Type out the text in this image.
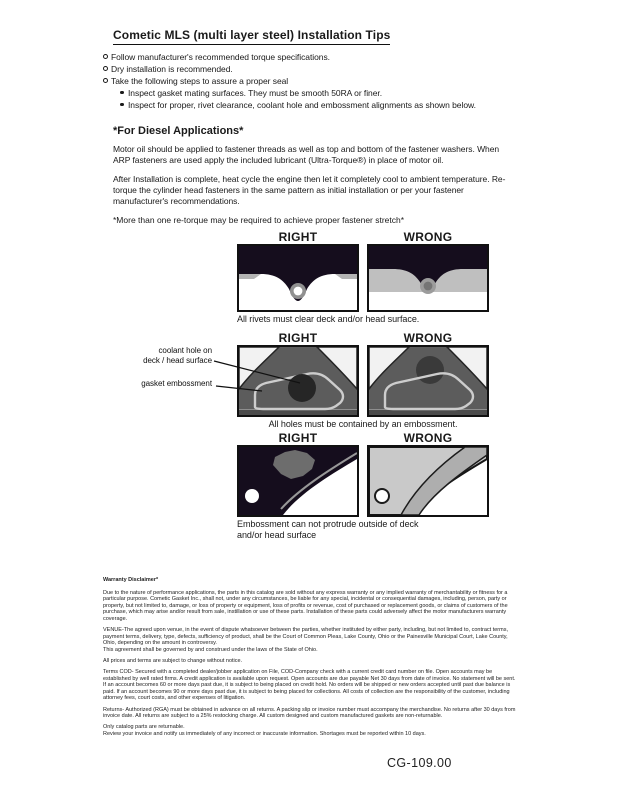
Cometic MLS (multi layer steel) Installation Tips
Follow manufacturer's recommended torque specifications.
Dry installation is recommended.
Take the following steps to assure a proper seal
Inspect gasket mating surfaces. They must be smooth 50RA or finer.
Inspect for proper, rivet clearance, coolant hole and embossment alignments as shown below.
*For Diesel Applications*

Motor oil should be applied to fastener threads as well as top and bottom of the fastener washers. When ARP fasteners are used apply the included lubricant (Ultra-Torque®) in place of motor oil.

After Installation is complete, heat cycle the engine then let it completely cool to ambient temperature. Re-torque the cylinder head fasteners in the same pattern as initial installation or per your fastener manufacturer's recommendations.

*More than one re-torque may be required to achieve proper fastener stretch*

RIGHT	WRONG
All rivets must clear deck and/or head surface.
RIGHT	WRONG
All holes must be contained by an embossment.
RIGHT	WRONG
Embossment can not protrude outside of deck
and/or head surface
coolant hole on
deck / head surface
gasket embossment

Warranty Disclaimer*

Due to the nature of performance applications, the parts in this catalog are sold without any express warranty or any implied warranty of merchantability or fitness for a particular purpose. Cometic Gasket Inc., shall not, under any circumstances, be liable for any special, incidental or consequential damages, including, person, party or property, but not limited to, damage, or loss of property or equipment, loss of profits or revenue, cost of purchased or replacement goods, or claims of customers of the purchase, which may arise and/or result from sale, instillation or use of these parts. Installation of these parts could adversely affect the motor manufacturers warranty coverage.

VENUE-The agreed upon venue, in the event of dispute whatsoever between the parties, whether instituted by either party, including, but not limited to, contract terms, payment terms, delivery, type, defects, sufficiency of product, shall be the Court of Common Pleas, Lake County, Ohio or the Painesville Municipal Court, Lake County, Ohio, depending on the amount in controversy.

This agreement shall be governed by and construed under the laws of the State of Ohio.

All prices and terms are subject to change without notice.

Terms COD- Secured with a completed dealer/jobber application on File, COD-Company check with a current credit card number on file. Open accounts may be established by well rated firms. A credit application is available upon request. Open accounts are due payable Net 30 days from date of invoice. No statement will be sent. If an account becomes 60 or more days past due, it is subject to being placed on credit hold. No orders will be shipped or new orders accepted until past due balance is paid. If an account becomes 90 or more days past due, it is subject to being placed for collections. All costs of collection are the responsibility of the customer, including attorney fees, court costs, and other expenses of litigation.

Returns- Authorized (RGA) must be obtained in advance on all returns. A packing slip or invoice number must accompany the merchandise. No returns after 30 days from invoice date. All returns are subject to a 25% restocking charge. All custom designed and custom manufactured gaskets are non-returnable.

Only catalog parts are returnable.

Review your invoice and notify us immediately of any incorrect or inaccurate information. Shortages must be reported within 10 days.

CG-109.00
